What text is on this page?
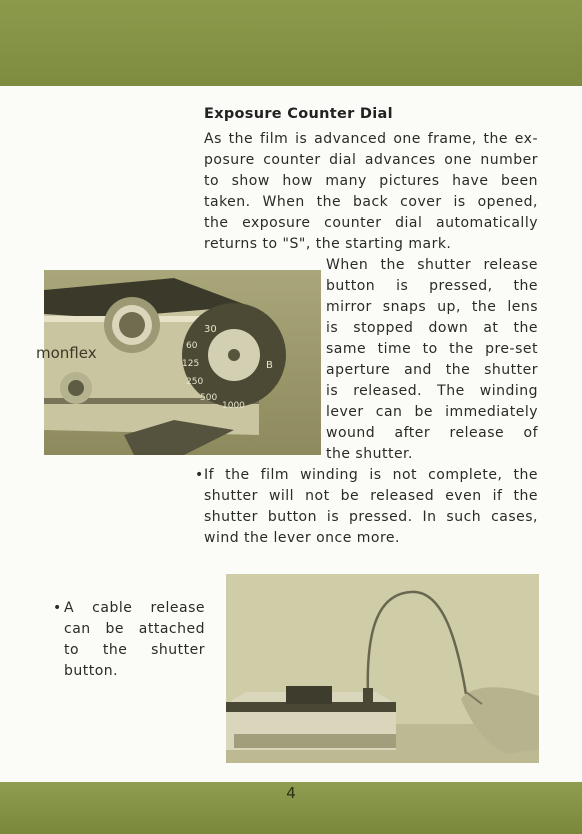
Exposure Counter Dial
As the film is advanced one frame, the ex-
posure counter dial advances one number
to show how many pictures have been
taken. When the back cover is opened,
the exposure counter dial automatically
returns to "S", the starting mark.
30
60
125
250
500
1000
B
monflex
When the shutter release
button is pressed, the
mirror snaps up, the lens
is stopped down at the
same time to the pre-set
aperture and the shutter
is released. The winding
lever can be immediately
wound after release of
the shutter.
• If the film winding is not complete, the
shutter will not be released even if the
shutter button is pressed. In such cases,
wind the lever once more.
• A cable release
can be attached
to the shutter
button.
4
